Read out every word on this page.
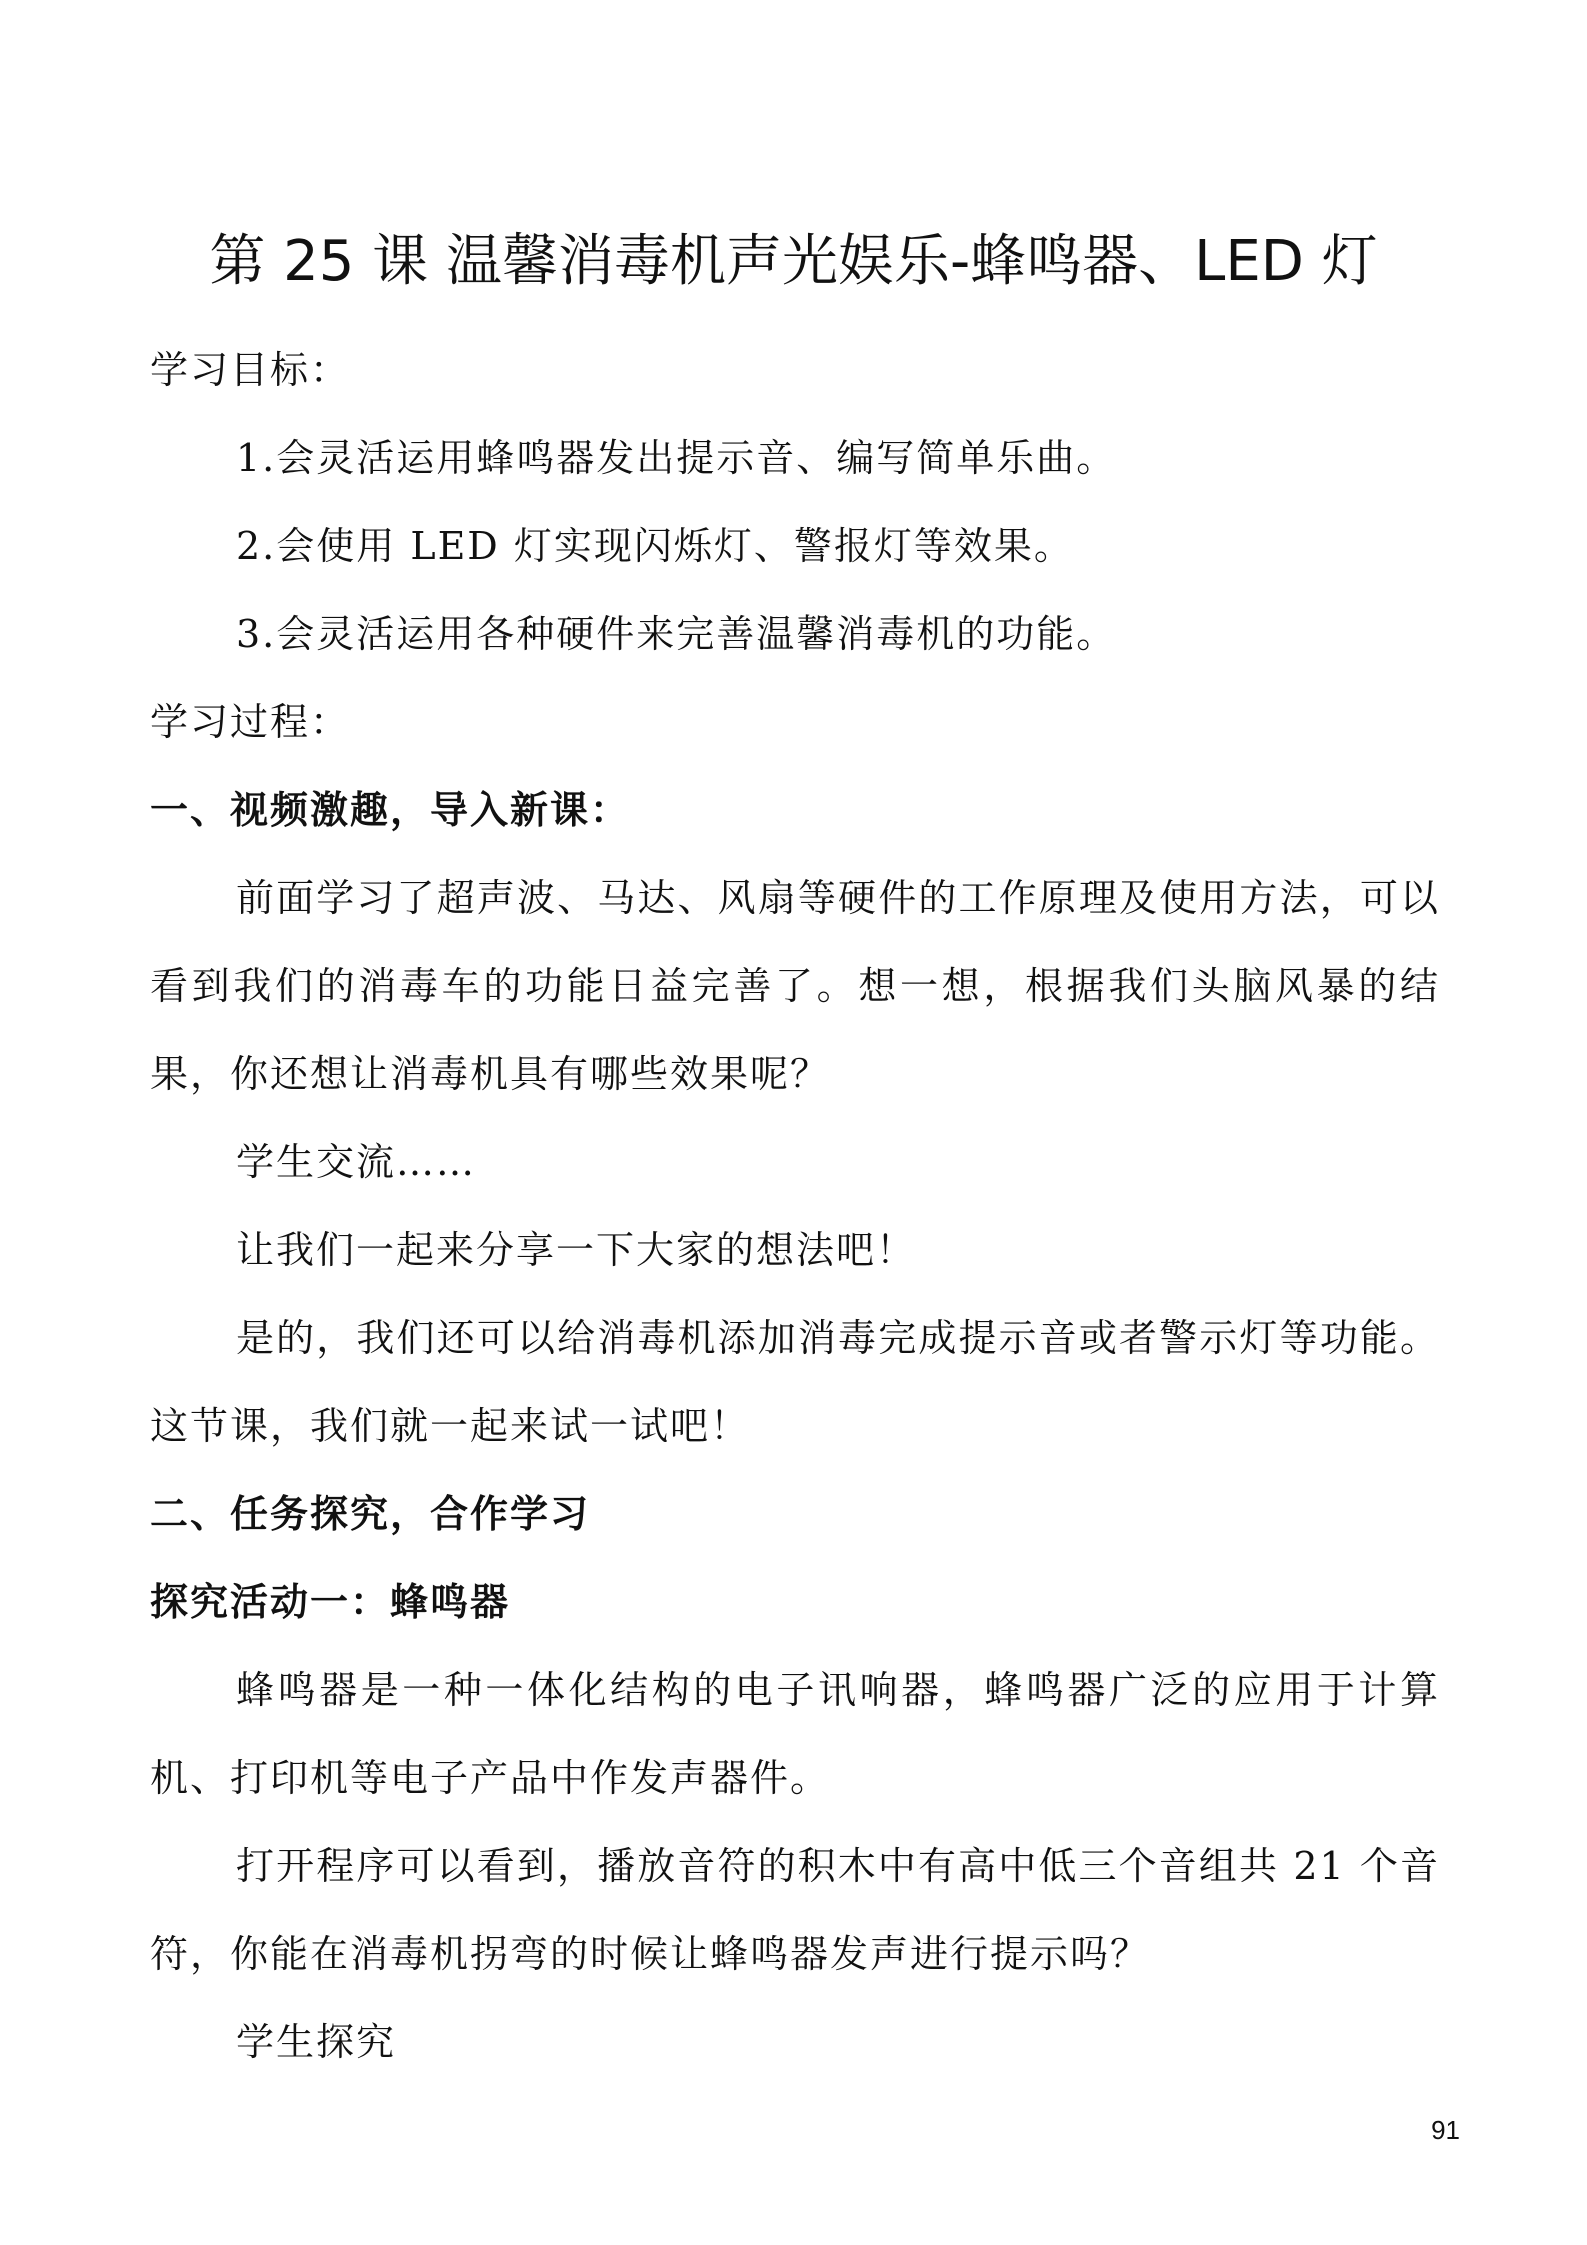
第 25 课 温馨消毒机声光娱乐-蜂鸣器、LED 灯

学习目标：

1.会灵活运用蜂鸣器发出提示音、编写简单乐曲。

2.会使用 LED 灯实现闪烁灯、警报灯等效果。

3.会灵活运用各种硬件来完善温馨消毒机的功能。

学习过程：

一、视频激趣，导入新课：

前面学习了超声波、马达、风扇等硬件的工作原理及使用方法，可以看到我们的消毒车的功能日益完善了。想一想，根据我们头脑风暴的结果，你还想让消毒机具有哪些效果呢？

学生交流……

让我们一起来分享一下大家的想法吧！

是的，我们还可以给消毒机添加消毒完成提示音或者警示灯等功能。这节课，我们就一起来试一试吧！

二、任务探究，合作学习

探究活动一：蜂鸣器

蜂鸣器是一种一体化结构的电子讯响器，蜂鸣器广泛的应用于计算机、打印机等电子产品中作发声器件。

打开程序可以看到，播放音符的积木中有高中低三个音组共 21 个音符，你能在消毒机拐弯的时候让蜂鸣器发声进行提示吗？

学生探究

91
